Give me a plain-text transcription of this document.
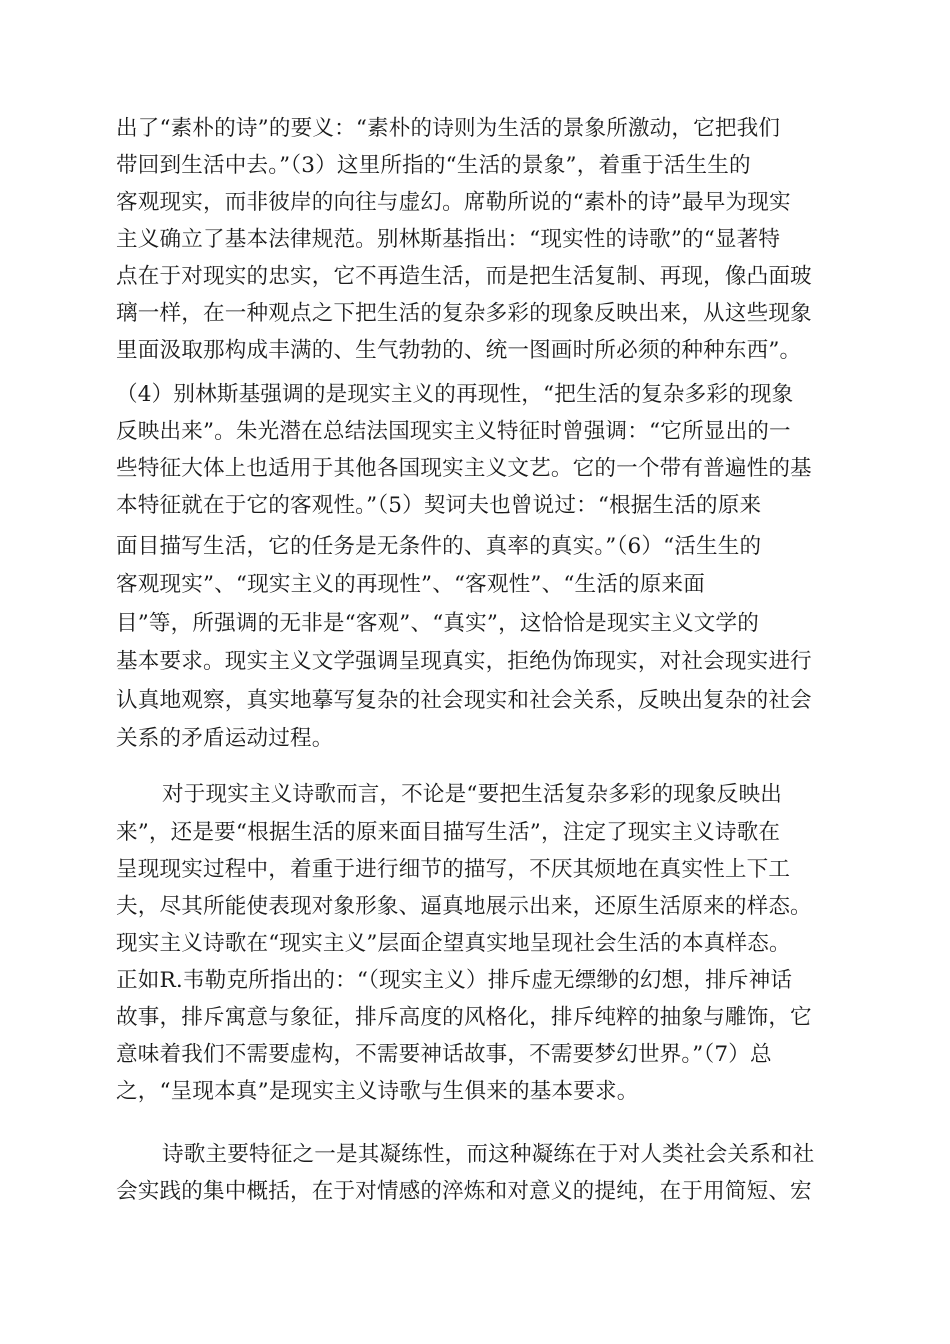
出了“素朴的诗”的要义：“素朴的诗则为生活的景象所激动，它把我们
带回到生活中去。”（3）这里所指的“生活的景象”，着重于活生生的
客观现实，而非彼岸的向往与虚幻。席勒所说的“素朴的诗”最早为现实
主义确立了基本法律规范。别林斯基指出：“现实性的诗歌”的“显著特
点在于对现实的忠实，它不再造生活，而是把生活复制、再现，像凸面玻
璃一样，在一种观点之下把生活的复杂多彩的现象反映出来，从这些现象
里面汲取那构成丰满的、生气勃勃的、统一图画时所必须的种种东西”。
（4）别林斯基强调的是现实主义的再现性，“把生活的复杂多彩的现象
反映出来”。朱光潜在总结法国现实主义特征时曾强调：“它所显出的一
些特征大体上也适用于其他各国现实主义文艺。它的一个带有普遍性的基
本特征就在于它的客观性。”（5）契诃夫也曾说过：“根据生活的原来
面目描写生活，它的任务是无条件的、真率的真实。”（6）“活生生的
客观现实”、“现实主义的再现性”、“客观性”、“生活的原来面
目”等，所强调的无非是“客观”、“真实”，这恰恰是现实主义文学的
基本要求。现实主义文学强调呈现真实，拒绝伪饰现实，对社会现实进行
认真地观察，真实地摹写复杂的社会现实和社会关系，反映出复杂的社会
关系的矛盾运动过程。
对于现实主义诗歌而言，不论是“要把生活复杂多彩的现象反映出
来”，还是要“根据生活的原来面目描写生活”，注定了现实主义诗歌在
呈现现实过程中，着重于进行细节的描写，不厌其烦地在真实性上下工
夫，尽其所能使表现对象形象、逼真地展示出来，还原生活原来的样态。
现实主义诗歌在“现实主义”层面企望真实地呈现社会生活的本真样态。
正如R.韦勒克所指出的：“（现实主义）排斥虚无缥缈的幻想，排斥神话
故事，排斥寓意与象征，排斥高度的风格化，排斥纯粹的抽象与雕饰，它
意味着我们不需要虚构，不需要神话故事，不需要梦幻世界。”（7）总
之，“呈现本真”是现实主义诗歌与生俱来的基本要求。
诗歌主要特征之一是其凝练性，而这种凝练在于对人类社会关系和社
会实践的集中概括，在于对情感的淬炼和对意义的提纯，在于用简短、宏
